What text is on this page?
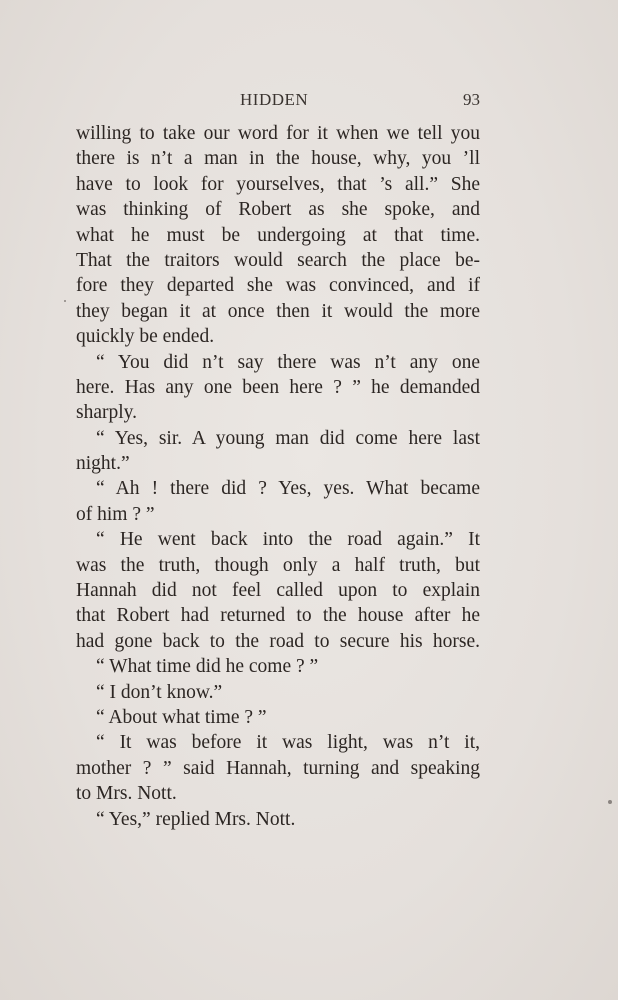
HIDDEN	93
willing to take our word for it when we tell you
there is n’t a man in the house, why, you ’ll
have to look for yourselves, that ’s all.” She
was thinking of Robert as she spoke, and
what he must be undergoing at that time.
That the traitors would search the place be-
fore they departed she was convinced, and if
they began it at once then it would the more
quickly be ended.
“ You did n’t say there was n’t any one
here. Has any one been here ? ” he demanded
sharply.
“ Yes, sir. A young man did come here last
night.”
“ Ah ! there did ? Yes, yes. What became
of him ? ”
“ He went back into the road again.” It
was the truth, though only a half truth, but
Hannah did not feel called upon to explain
that Robert had returned to the house after he
had gone back to the road to secure his horse.
“ What time did he come ? ”
“ I don’t know.”
“ About what time ? ”
“ It was before it was light, was n’t it,
mother ? ” said Hannah, turning and speaking
to Mrs. Nott.
“ Yes,” replied Mrs. Nott.
